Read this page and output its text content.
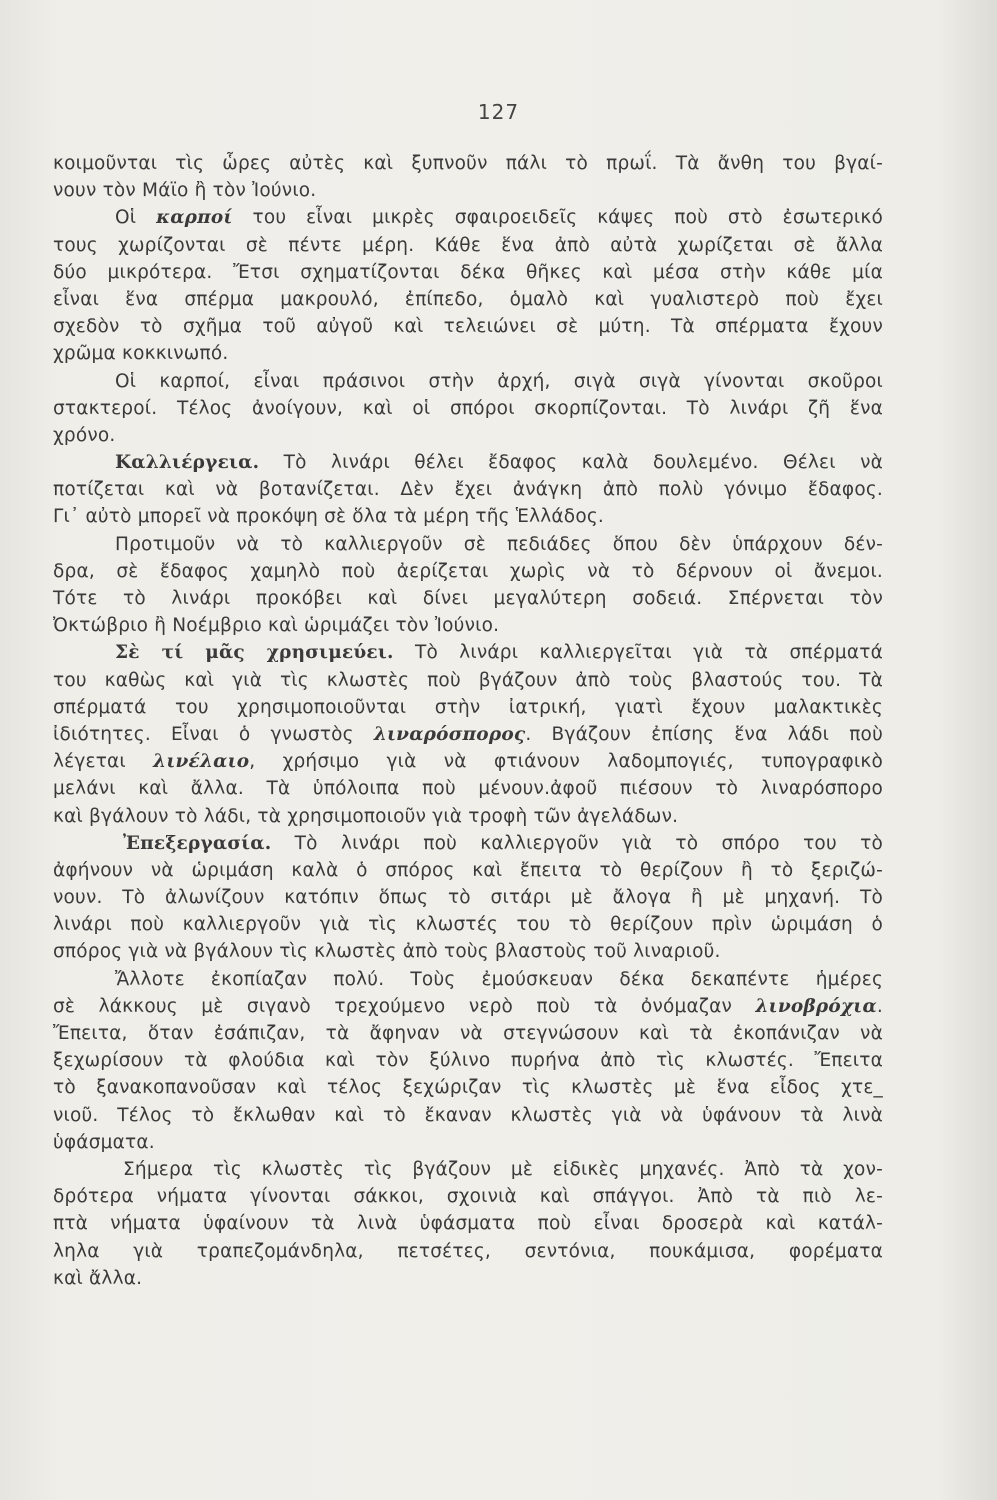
127
κοιμοῦνται τὶς ὧρες αὐτὲς καὶ ξυπνοῦν πάλι τὸ πρωΐ. Τὰ ἄνθη του βγαί-
νουν τὸν Μάϊο ἢ τὸν Ἰούνιο.
Οἱ καρποί του εἶναι μικρὲς σφαιροειδεῖς κάψες ποὺ στὸ ἐσωτερικό
τους χωρίζονται σὲ πέντε μέρη. Κάθε ἕνα ἀπὸ αὐτὰ χωρίζεται σὲ ἄλλα
δύο μικρότερα. Ἔτσι σχηματίζονται δέκα θῆκες καὶ μέσα στὴν κάθε μία
εἶναι ἕνα σπέρμα μακρουλό, ἐπίπεδο, ὁμαλὸ καὶ γυαλιστερὸ ποὺ ἔχει
σχεδὸν τὸ σχῆμα τοῦ αὐγοῦ καὶ τελειώνει σὲ μύτη. Τὰ σπέρματα ἔχουν
χρῶμα κοκκινωπό.
Οἱ καρποί, εἶναι πράσινοι στὴν ἀρχή, σιγὰ σιγὰ γίνονται σκοῦροι
στακτεροί. Τέλος ἀνοίγουν, καὶ οἱ σπόροι σκορπίζονται. Τὸ λινάρι ζῆ ἕνα
χρόνο.
Καλλιέργεια. Τὸ λινάρι θέλει ἔδαφος καλὰ δουλεμένο. Θέλει νὰ
ποτίζεται καὶ νὰ βοτανίζεται. Δὲν ἔχει ἀνάγκη ἀπὸ πολὺ γόνιμο ἔδαφος.
Γι᾽ αὐτὸ μπορεῖ νὰ προκόψη σὲ ὅλα τὰ μέρη τῆς Ἑλλάδος.
Προτιμοῦν νὰ τὸ καλλιεργοῦν σὲ πεδιάδες ὅπου δὲν ὑπάρχουν δέν-
δρα, σὲ ἔδαφος χαμηλὸ ποὺ ἀερίζεται χωρὶς νὰ τὸ δέρνουν οἱ ἄνεμοι.
Τότε τὸ λινάρι προκόβει καὶ δίνει μεγαλύτερη σοδειά. Σπέρνεται τὸν
Ὀκτώβριο ἢ Νοέμβριο καὶ ὡριμάζει τὸν Ἰούνιο.
Σὲ τί μᾶς χρησιμεύει. Τὸ λινάρι καλλιεργεῖται γιὰ τὰ σπέρματά
του καθὼς καὶ γιὰ τὶς κλωστὲς ποὺ βγάζουν ἀπὸ τοὺς βλαστούς του. Τὰ
σπέρματά του χρησιμοποιοῦνται στὴν ἰατρική, γιατὶ ἔχουν μαλακτικὲς
ἰδιότητες. Εἶναι ὁ γνωστὸς λιναρόσπορος. Βγάζουν ἐπίσης ἕνα λάδι ποὺ
λέγεται λινέλαιο, χρήσιμο γιὰ νὰ φτιάνουν λαδομπογιές, τυπογραφικὸ
μελάνι καὶ ἄλλα. Τὰ ὑπόλοιπα ποὺ μένουν.ἀφοῦ πιέσουν τὸ λιναρόσπορο
καὶ βγάλουν τὸ λάδι, τὰ χρησιμοποιοῦν γιὰ τροφὴ τῶν ἀγελάδων.
Ἐπεξεργασία. Τὸ λινάρι ποὺ καλλιεργοῦν γιὰ τὸ σπόρο του τὸ
ἀφήνουν νὰ ὡριμάση καλὰ ὁ σπόρος καὶ ἔπειτα τὸ θερίζουν ἢ τὸ ξεριζώ-
νουν. Τὸ ἀλωνίζουν κατόπιν ὅπως τὸ σιτάρι μὲ ἄλογα ἢ μὲ μηχανή. Τὸ
λινάρι ποὺ καλλιεργοῦν γιὰ τὶς κλωστές του τὸ θερίζουν πρὶν ὡριμάση ὁ
σπόρος γιὰ νὰ βγάλουν τὶς κλωστὲς ἀπὸ τοὺς βλαστοὺς τοῦ λιναριοῦ.
Ἄλλοτε ἐκοπίαζαν πολύ. Τοὺς ἐμούσκευαν δέκα δεκαπέντε ἡμέρες
σὲ λάκκους μὲ σιγανὸ τρεχούμενο νερὸ ποὺ τὰ ὀνόμαζαν λινοβρόχια.
Ἔπειτα, ὅταν ἐσάπιζαν, τὰ ἄφηναν νὰ στεγνώσουν καὶ τὰ ἐκοπάνιζαν νὰ
ξεχωρίσουν τὰ φλούδια καὶ τὸν ξύλινο πυρήνα ἀπὸ τὶς κλωστές. Ἔπειτα
τὸ ξανακοπανοῦσαν καὶ τέλος ξεχώριζαν τὶς κλωστὲς μὲ ἕνα εἶδος χτε_
νιοῦ. Τέλος τὸ ἔκλωθαν καὶ τὸ ἔκαναν κλωστὲς γιὰ νὰ ὑφάνουν τὰ λινὰ
ὑφάσματα.
Σήμερα τὶς κλωστὲς τὶς βγάζουν μὲ εἰδικὲς μηχανές. Ἀπὸ τὰ χον-
δρότερα νήματα γίνονται σάκκοι, σχοινιὰ καὶ σπάγγοι. Ἀπὸ τὰ πιὸ λε-
πτὰ νήματα ὑφαίνουν τὰ λινὰ ὑφάσματα ποὺ εἶναι δροσερὰ καὶ κατάλ-
ληλα γιὰ τραπεζομάνδηλα, πετσέτες, σεντόνια, πουκάμισα, φορέματα
καὶ ἄλλα.
